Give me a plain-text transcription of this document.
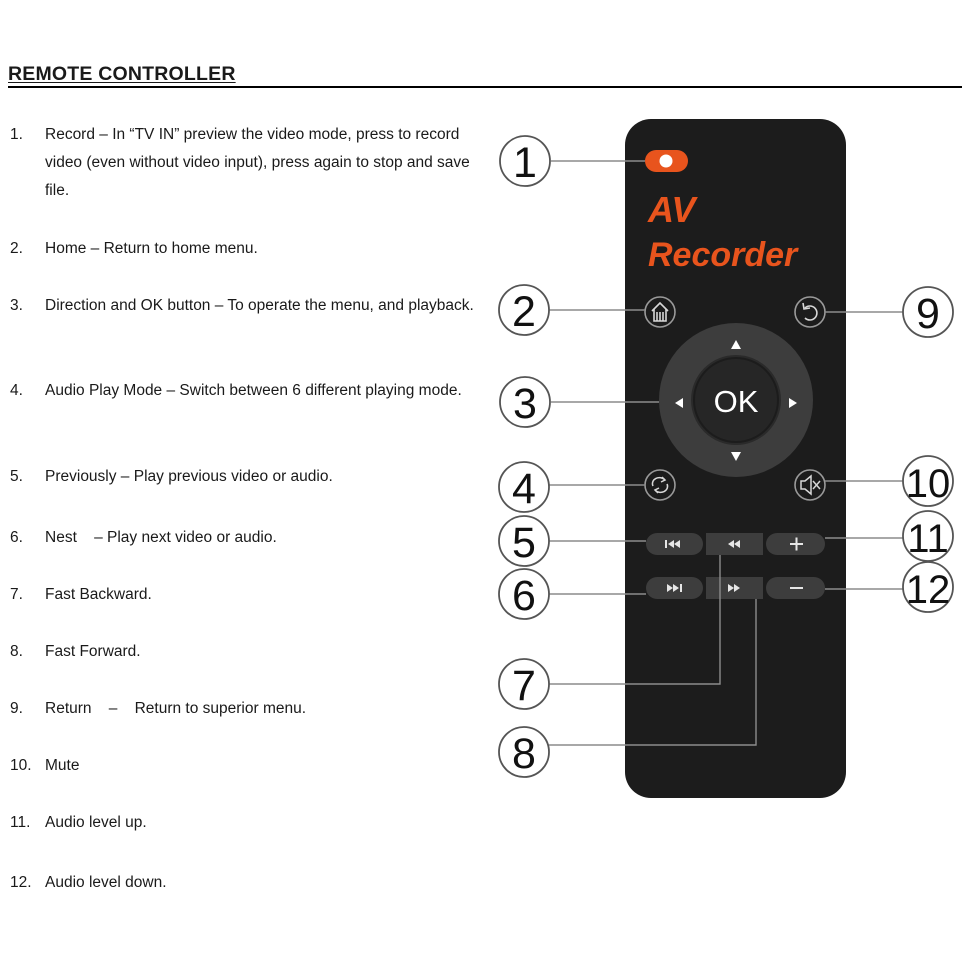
REMOTE CONTROLLER
1. Record – In “TV IN” preview the video mode, press to record video (even without video input), press again to stop and save file.
2. Home – Return to home menu.
3. Direction and OK button – To operate the menu, and playback.
4. Audio Play Mode – Switch between 6 different playing mode.
5. Previously – Play previous video or audio.
6. Nest    – Play next video or audio.
7. Fast Backward.
8. Fast Forward.
9. Return    –    Return to superior menu.
10. Mute
11. Audio level up.
12. Audio level down.
AV
Recorder
OK
ezcap
1
2
3
4
5
6
7
8
9
10
11
12
